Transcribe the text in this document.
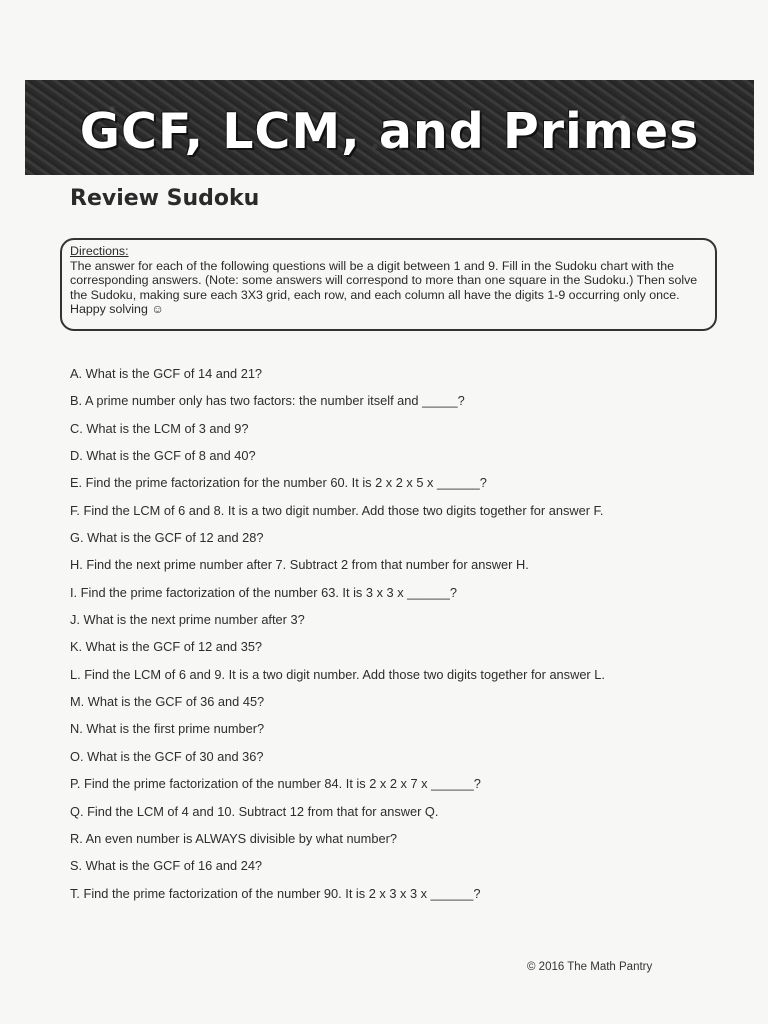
GCF, LCM, and Primes
Review Sudoku
Directions:
The answer for each of the following questions will be a digit between 1 and 9. Fill in the Sudoku chart with the corresponding answers. (Note: some answers will correspond to more than one square in the Sudoku.) Then solve the Sudoku, making sure each 3X3 grid, each row, and each column all have the digits 1-9 occurring only once. Happy solving ☺
A. What is the GCF of 14 and 21?
B. A prime number only has two factors: the number itself and _____?
C. What is the LCM of 3 and 9?
D. What is the GCF of 8 and 40?
E. Find the prime factorization for the number 60. It is 2 x 2 x 5 x ______?
F. Find the LCM of 6 and 8. It is a two digit number. Add those two digits together for answer F.
G. What is the GCF of 12 and 28?
H. Find the next prime number after 7. Subtract 2 from that number for answer H.
I. Find the prime factorization of the number 63. It is 3 x 3 x ______?
J. What is the next prime number after 3?
K. What is the GCF of 12 and 35?
L. Find the LCM of 6 and 9. It is a two digit number. Add those two digits together for answer L.
M. What is the GCF of 36 and 45?
N. What is the first prime number?
O. What is the GCF of 30 and 36?
P. Find the prime factorization of the number 84. It is 2 x 2 x 7 x ______?
Q. Find the LCM of 4 and 10. Subtract 12 from that for answer Q.
R. An even number is ALWAYS divisible by what number?
S. What is the GCF of 16 and 24?
T. Find the prime factorization of the number 90. It is 2 x 3 x 3 x ______?
© 2016 The Math Pantry
